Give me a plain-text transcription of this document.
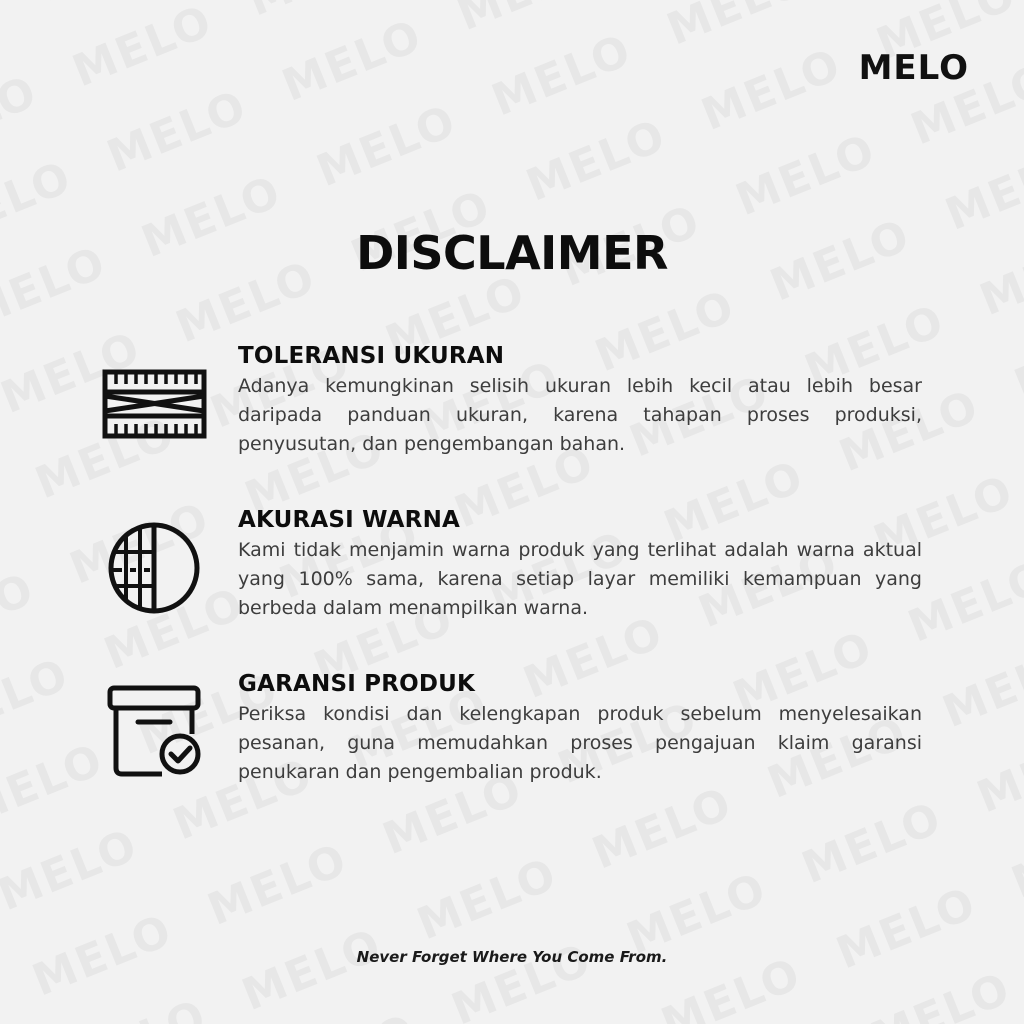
MELO
DISCLAIMER
TOLERANSI UKURAN

Adanya kemungkinan selisih ukuran lebih kecil atau lebih besar daripada panduan ukuran, karena tahapan proses produksi, penyusutan, dan pengembangan bahan.

AKURASI WARNA

Kami tidak menjamin warna produk yang terlihat adalah warna aktual yang 100% sama, karena setiap layar memiliki kemampuan yang berbeda dalam menampilkan warna.

GARANSI PRODUK

Periksa kondisi dan kelengkapan produk sebelum menyelesaikan pesanan, guna memudahkan proses pengajuan klaim garansi penukaran dan pengembalian produk.

Never Forget Where You Come From.
